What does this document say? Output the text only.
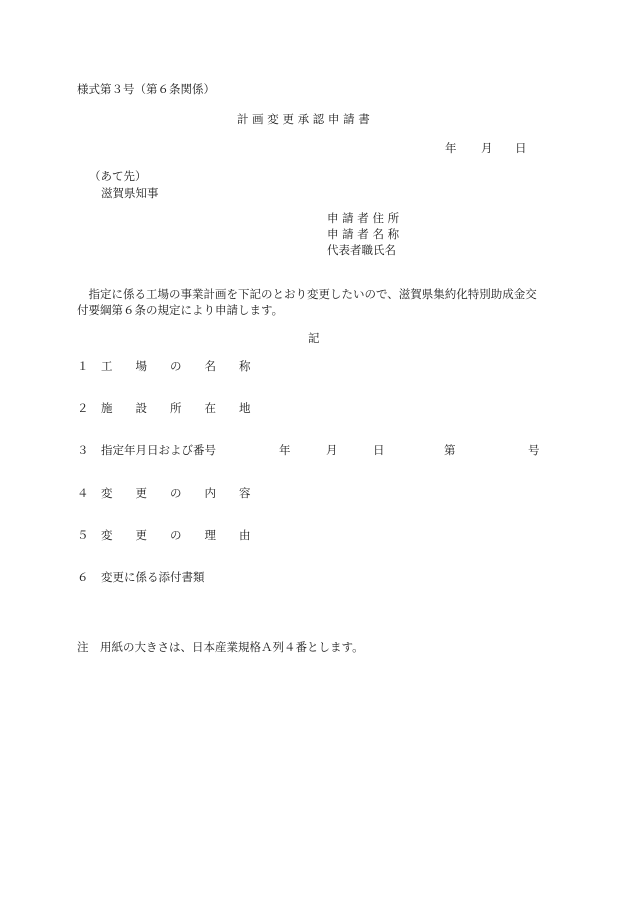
様式第３号（第６条関係）
計 画 変 更 承 認 申 請 書
年 月 日
（あて先）
滋賀県知事
申 請 者 住 所
申 請 者 名 称
代表者職氏名
　指定に係る工場の事業計画を下記のとおり変更したいので、滋賀県集約化特別助成金交
付要綱第６条の規定により申請します。
記
１ 工　　場　　の　　名　　称
２ 施　　設　　所　　在　　地
３ 指定年月日および番号	年	月	日	第	号
４ 変　　更　　の　　内　　容
５ 変　　更　　の　　理　　由
６ 変更に係る添付書類
注　用紙の大きさは、日本産業規格Ａ列４番とします。
